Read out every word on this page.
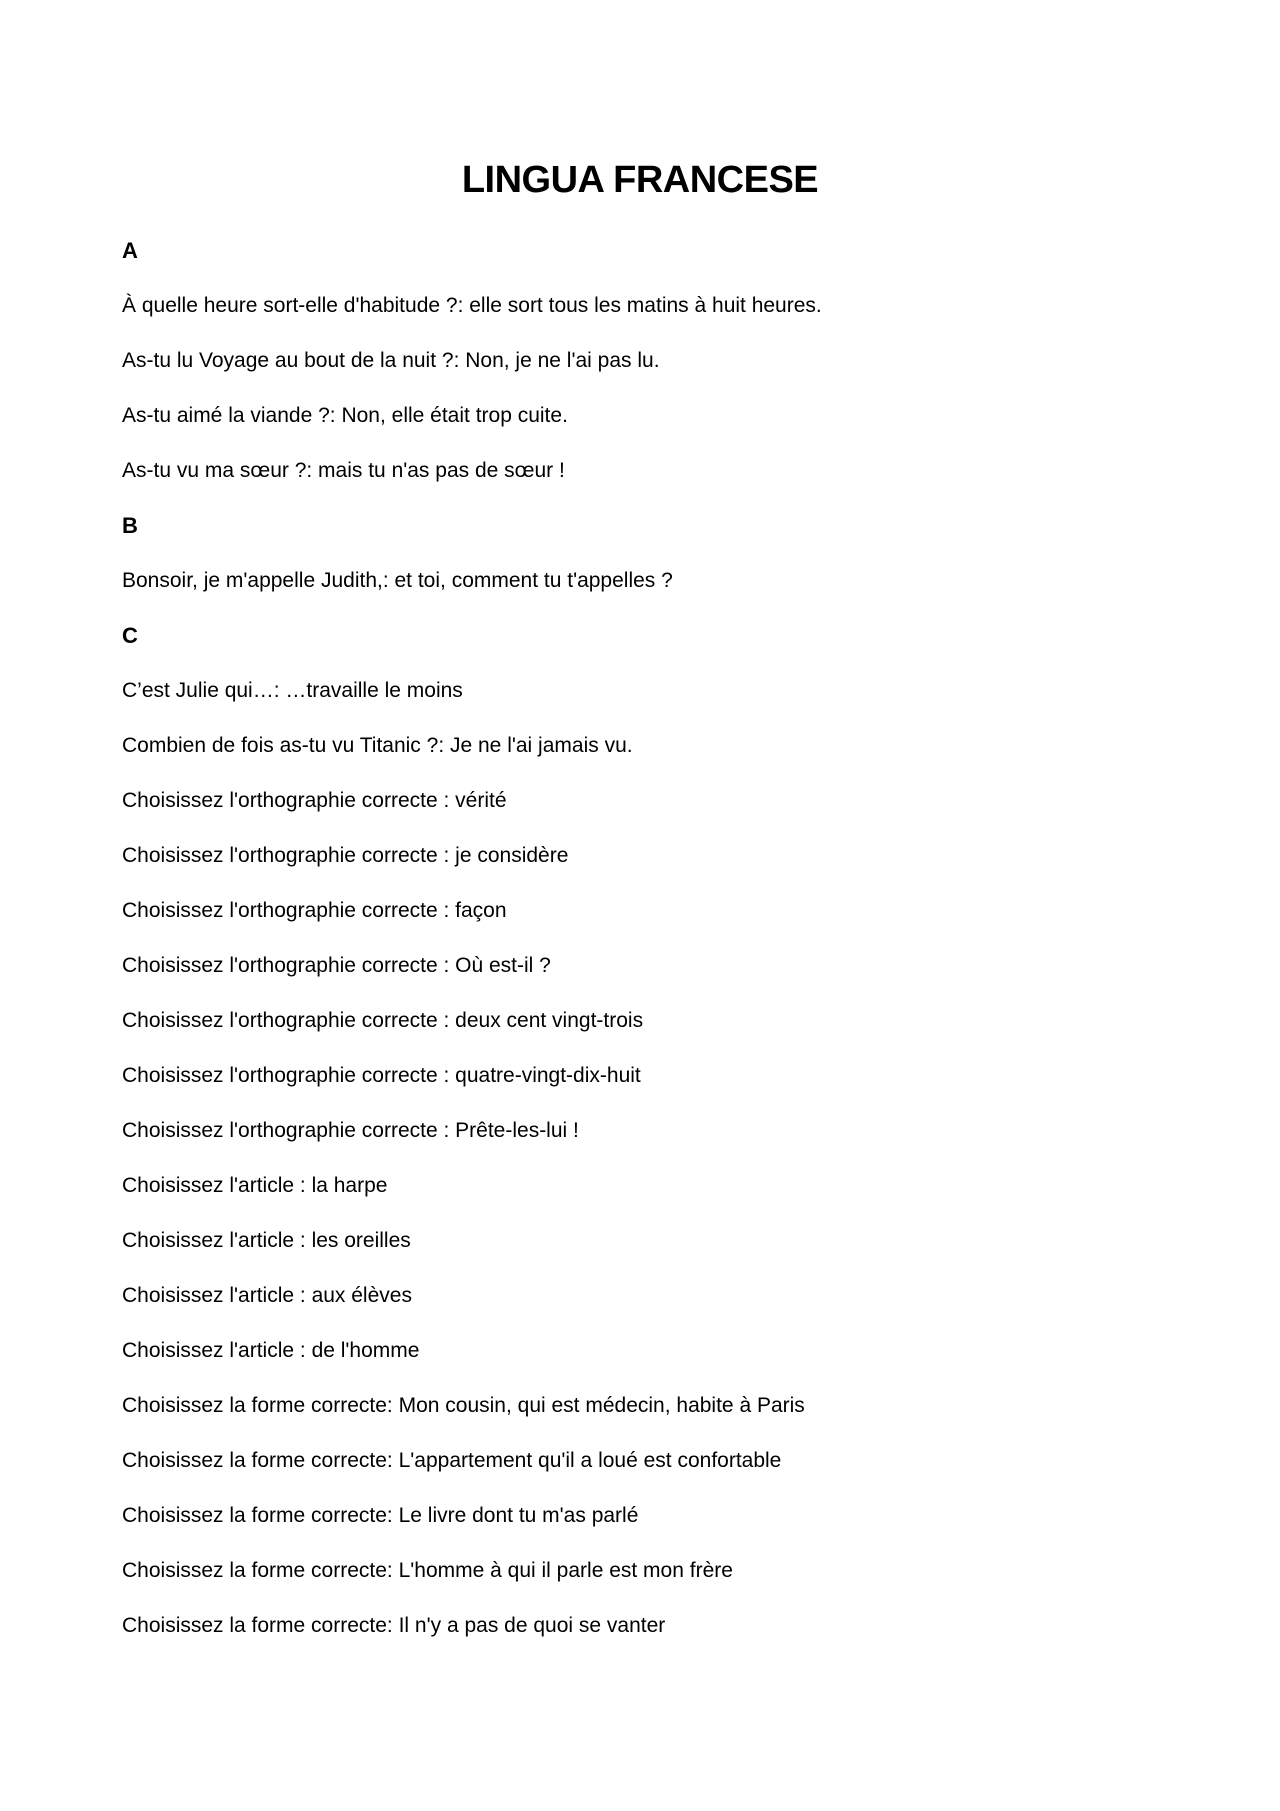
LINGUA FRANCESE
A
À quelle heure sort-elle d'habitude ?: elle sort tous les matins à huit heures.
As-tu lu Voyage au bout de la nuit ?: Non, je ne l'ai pas lu.
As-tu aimé la viande ?: Non, elle était trop cuite.
As-tu vu ma sœur ?: mais tu n'as pas de sœur !
B
Bonsoir, je m'appelle Judith,: et toi, comment tu t'appelles ?
C
C’est Julie qui…: …travaille le moins
Combien de fois as-tu vu Titanic ?: Je ne l'ai jamais vu.
Choisissez l'orthographie correcte : vérité
Choisissez l'orthographie correcte : je considère
Choisissez l'orthographie correcte : façon
Choisissez l'orthographie correcte : Où est-il ?
Choisissez l'orthographie correcte : deux cent vingt-trois
Choisissez l'orthographie correcte : quatre-vingt-dix-huit
Choisissez l'orthographie correcte : Prête-les-lui !
Choisissez l'article : la harpe
Choisissez l'article : les oreilles
Choisissez l'article : aux élèves
Choisissez l'article : de l'homme
Choisissez la forme correcte: Mon cousin, qui est médecin, habite à Paris
Choisissez la forme correcte: L'appartement qu'il a loué est confortable
Choisissez la forme correcte: Le livre dont tu m'as parlé
Choisissez la forme correcte: L'homme à qui il parle est mon frère
Choisissez la forme correcte: Il n'y a pas de quoi se vanter
